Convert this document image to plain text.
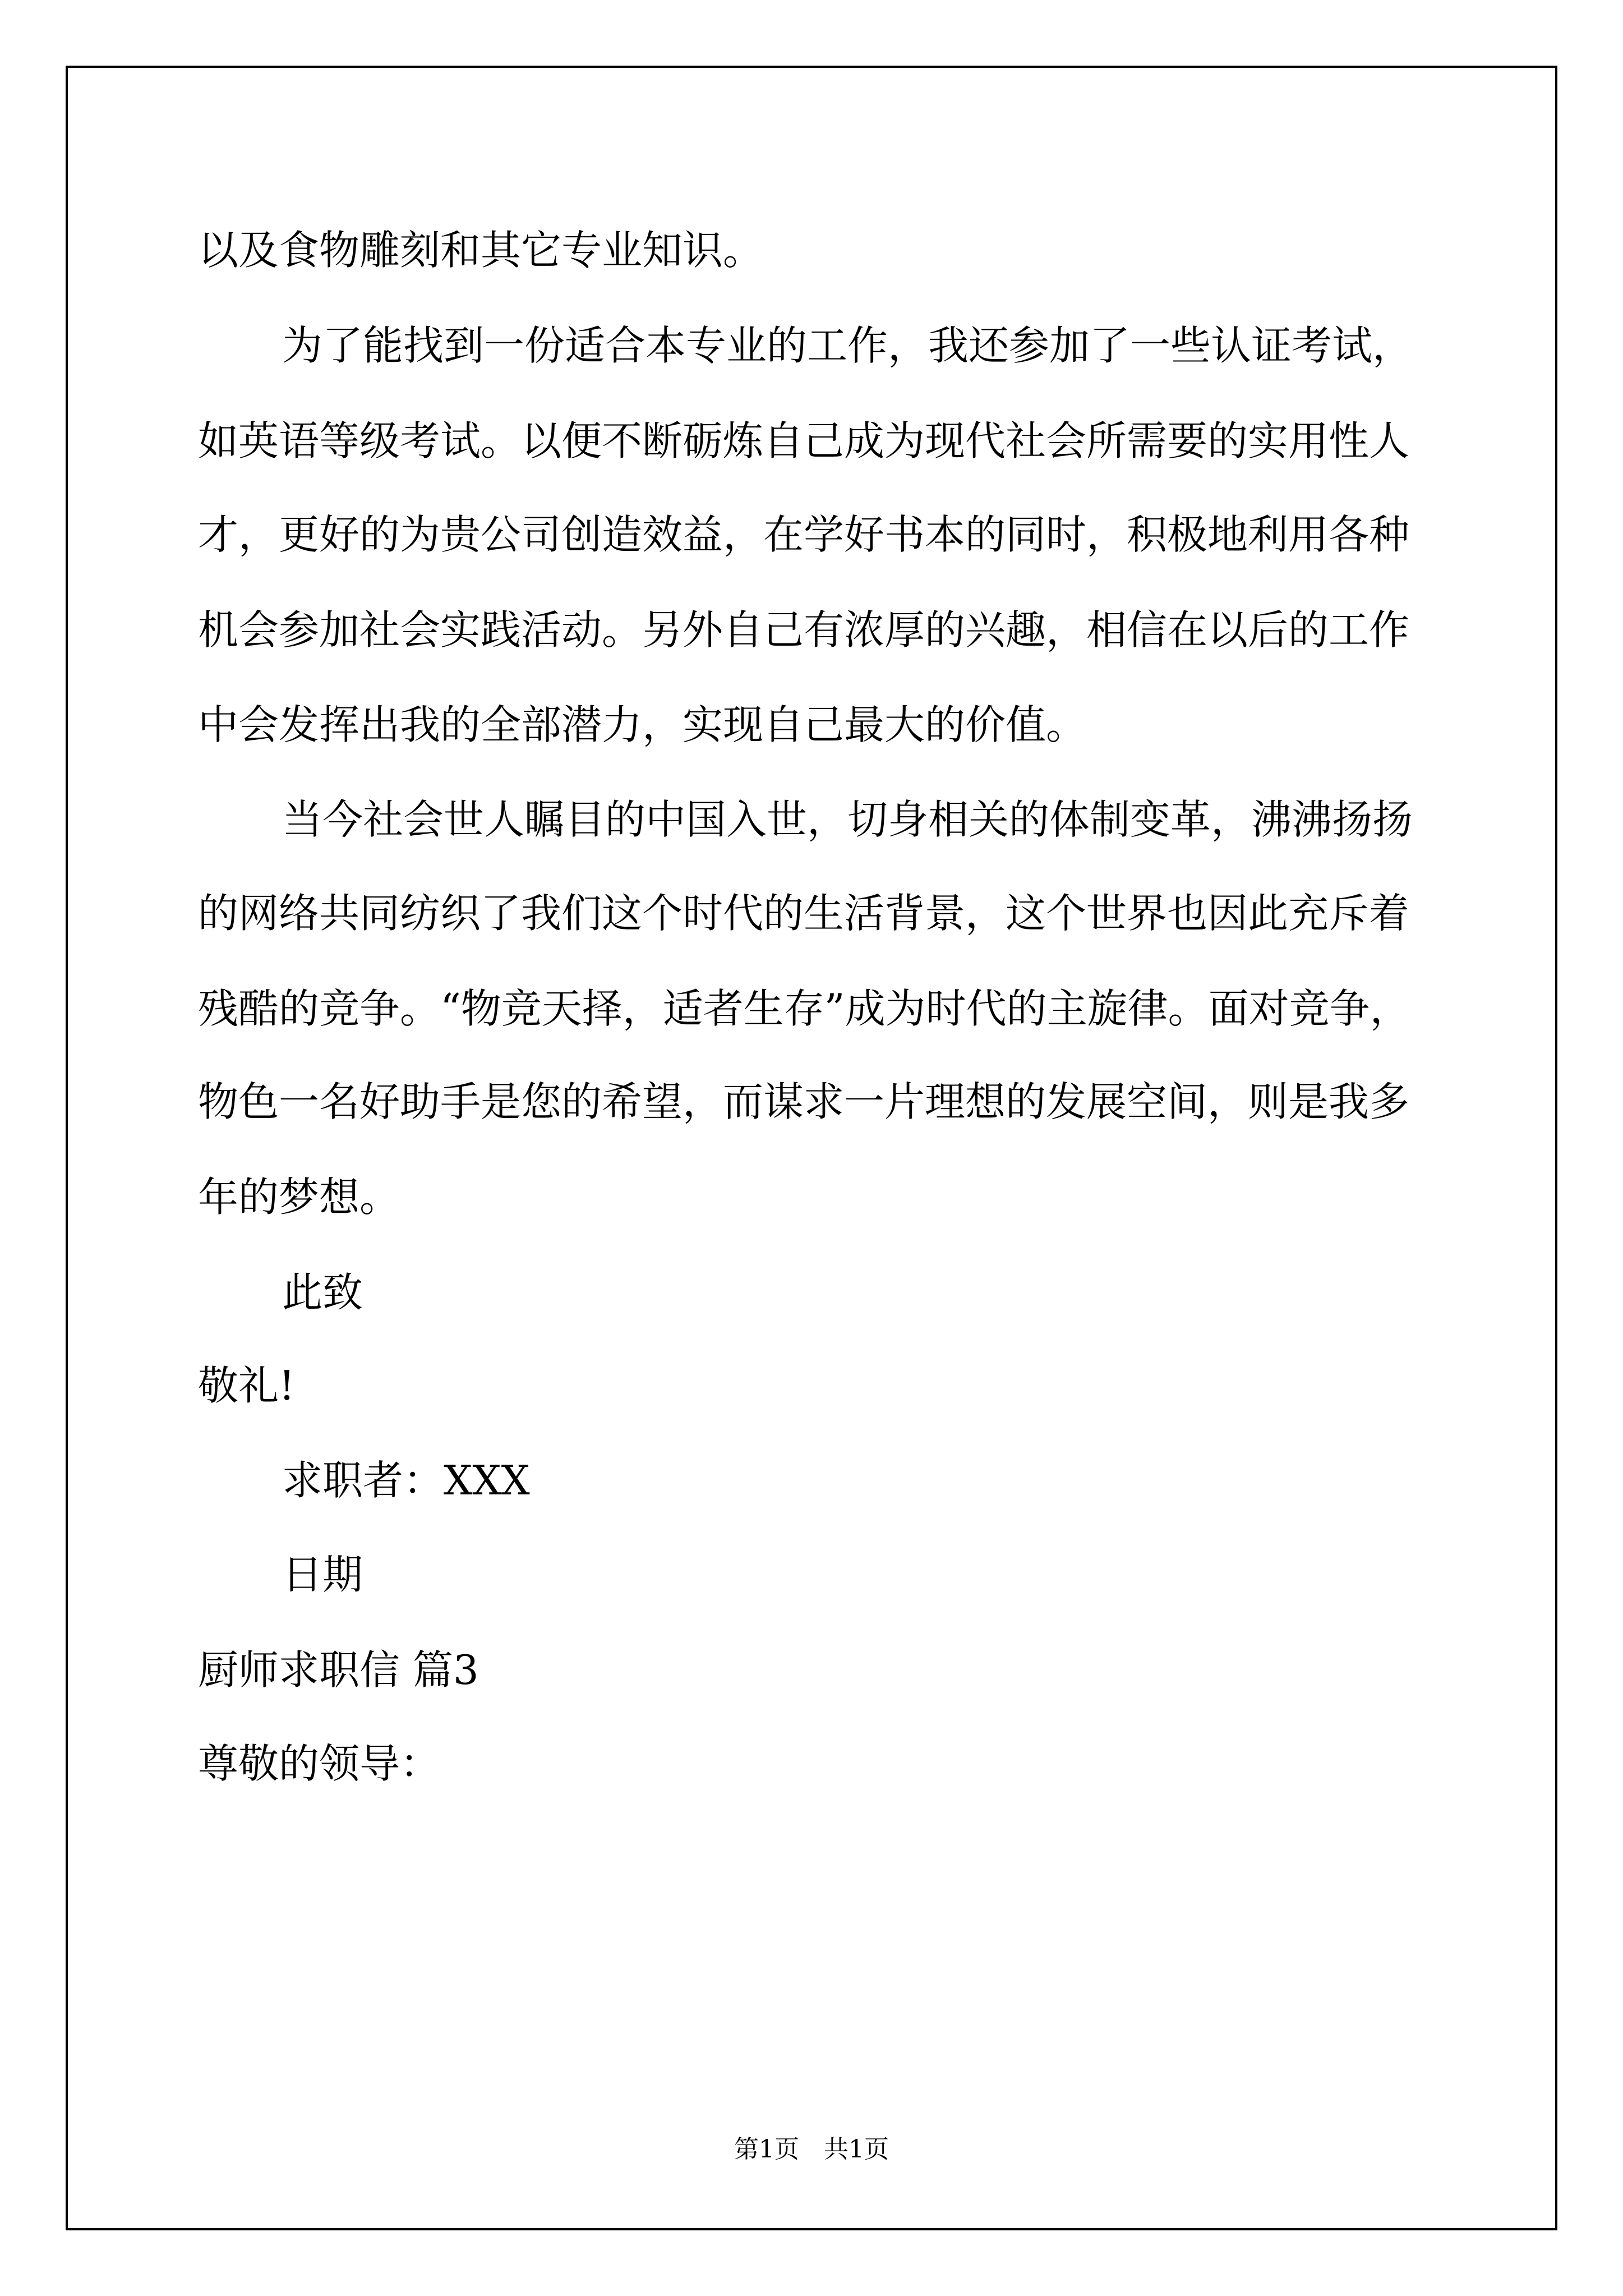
以及食物雕刻和其它专业知识。
为了能找到一份适合本专业的工作，我还参加了一些认证考试，
如英语等级考试。以便不断砺炼自己成为现代社会所需要的实用性人
才，更好的为贵公司创造效益，在学好书本的同时，积极地利用各种
机会参加社会实践活动。另外自己有浓厚的兴趣，相信在以后的工作
中会发挥出我的全部潜力，实现自己最大的价值。
当今社会世人瞩目的中国入世，切身相关的体制变革，沸沸扬扬
的网络共同纺织了我们这个时代的生活背景，这个世界也因此充斥着
残酷的竞争。“物竞天择，适者生存”成为时代的主旋律。面对竞争，
物色一名好助手是您的希望，而谋求一片理想的发展空间，则是我多
年的梦想。
此致
敬礼!
求职者：XXX
日期
厨师求职信 篇3
尊敬的领导：
第1页　共1页
